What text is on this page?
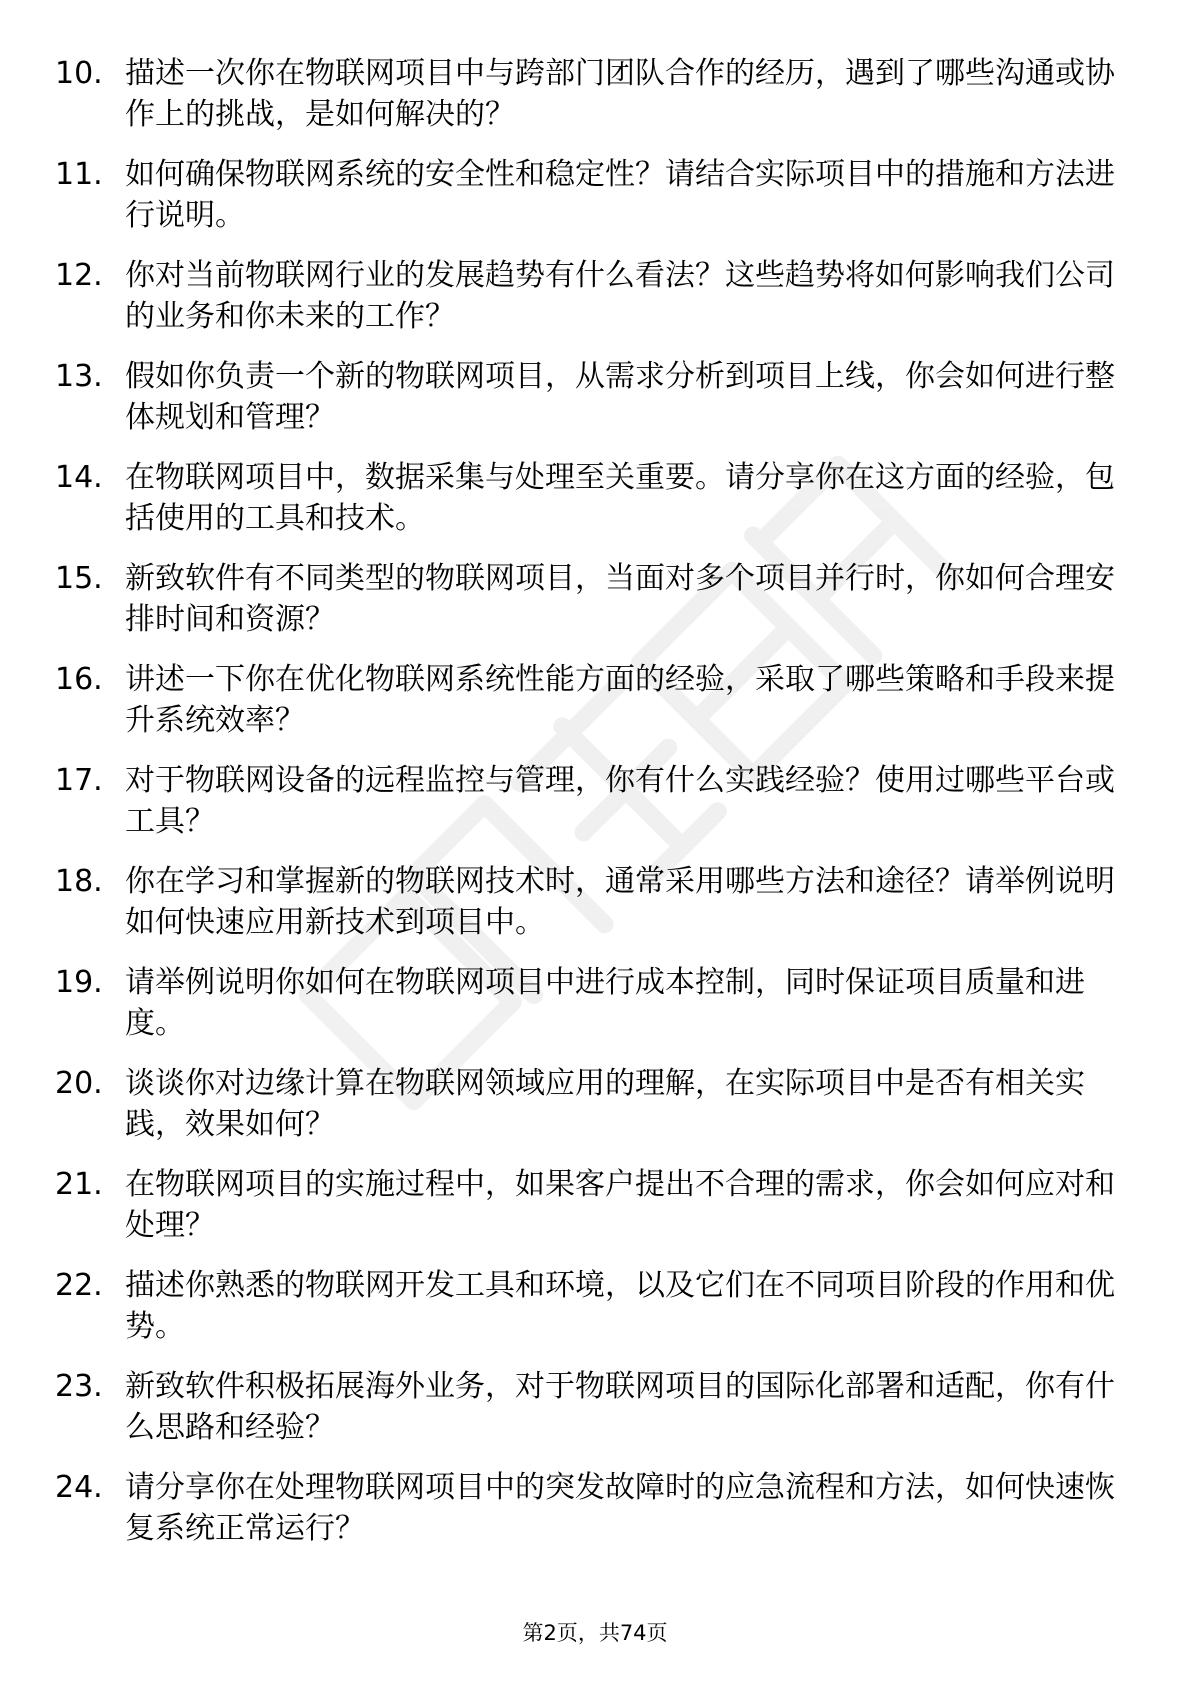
10. 描述一次你在物联网项目中与跨部门团队合作的经历，遇到了哪些沟通或协作上的挑战，是如何解决的？
11. 如何确保物联网系统的安全性和稳定性？请结合实际项目中的措施和方法进行说明。
12. 你对当前物联网行业的发展趋势有什么看法？这些趋势将如何影响我们公司的业务和你未来的工作？
13. 假如你负责一个新的物联网项目，从需求分析到项目上线，你会如何进行整体规划和管理？
14. 在物联网项目中，数据采集与处理至关重要。请分享你在这方面的经验，包括使用的工具和技术。
15. 新致软件有不同类型的物联网项目，当面对多个项目并行时，你如何合理安排时间和资源？
16. 讲述一下你在优化物联网系统性能方面的经验，采取了哪些策略和手段来提升系统效率？
17. 对于物联网设备的远程监控与管理，你有什么实践经验？使用过哪些平台或工具？
18. 你在学习和掌握新的物联网技术时，通常采用哪些方法和途径？请举例说明如何快速应用新技术到项目中。
19. 请举例说明你如何在物联网项目中进行成本控制，同时保证项目质量和进度。
20. 谈谈你对边缘计算在物联网领域应用的理解，在实际项目中是否有相关实践，效果如何？
21. 在物联网项目的实施过程中，如果客户提出不合理的需求，你会如何应对和处理？
22. 描述你熟悉的物联网开发工具和环境，以及它们在不同项目阶段的作用和优势。
23. 新致软件积极拓展海外业务，对于物联网项目的国际化部署和适配，你有什么思路和经验？
24. 请分享你在处理物联网项目中的突发故障时的应急流程和方法，如何快速恢复系统正常运行？
第2页，共74页
